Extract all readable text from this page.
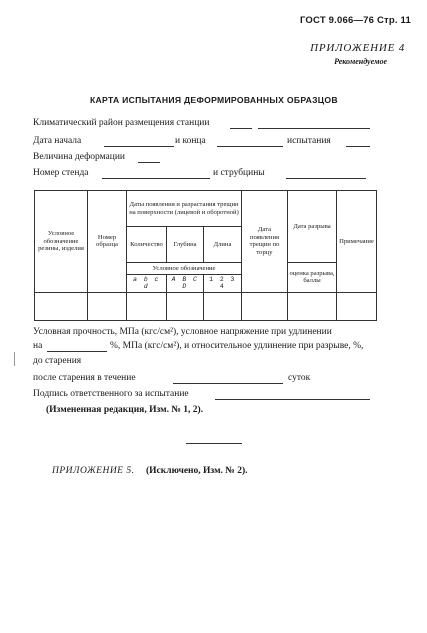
ГОСТ 9.066—76 Стр. 11
ПРИЛОЖЕНИЕ 4
Рекомендуемое
КАРТА ИСПЫТАНИЯ ДЕФОРМИРОВАННЫХ ОБРАЗЦОВ
Климатический район размещения станции
Дата начала	и конца	испытания
Величина деформации
Номер стенда	и струбцины
Условное обозначение резины, изделия	Номер образца	Даты появления и разрастания трещин на поверхности (лицевой и оборотной)			Дата появления трещин по торцу	Дата разрыва	Примечание
		Количество	Глубина	Длина			
		Условное обозначение				оценка разрыва, баллы	
		a b c d	A B C D	1 2 3 4			

Условная прочность, МПа (кгс/см²), условное напряжение при удлинении
на	%, МПа (кгс/см²), и относительное удлинение при разрыве, %,
до старения
после старения в течение	суток
Подпись ответственного за испытание
(Измененная редакция, Изм. № 1, 2).
ПРИЛОЖЕНИЕ 5. (Исключено, Изм. № 2).
